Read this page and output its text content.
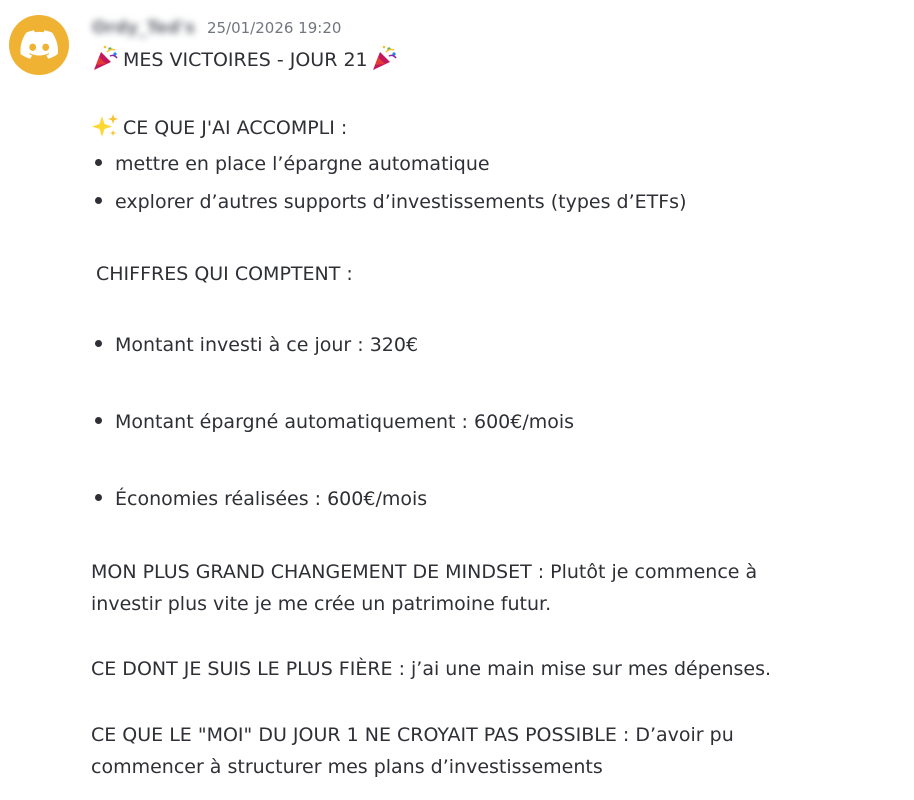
Ordy_Ted's 25/01/2026 19:20
MES VICTOIRES - JOUR 21
CE QUE J'AI ACCOMPLI :
mettre en place l’épargne automatique
explorer d’autres supports d’investissements (types d’ETFs)
CHIFFRES QUI COMPTENT :
Montant investi à ce jour : 320€
Montant épargné automatiquement : 600€/mois
Économies réalisées : 600€/mois
MON PLUS GRAND CHANGEMENT DE MINDSET : Plutôt je commence à
investir plus vite je me crée un patrimoine futur.
CE DONT JE SUIS LE PLUS FIÈRE : j’ai une main mise sur mes dépenses.
CE QUE LE "MOI" DU JOUR 1 NE CROYAIT PAS POSSIBLE : D’avoir pu
commencer à structurer mes plans d’investissements
